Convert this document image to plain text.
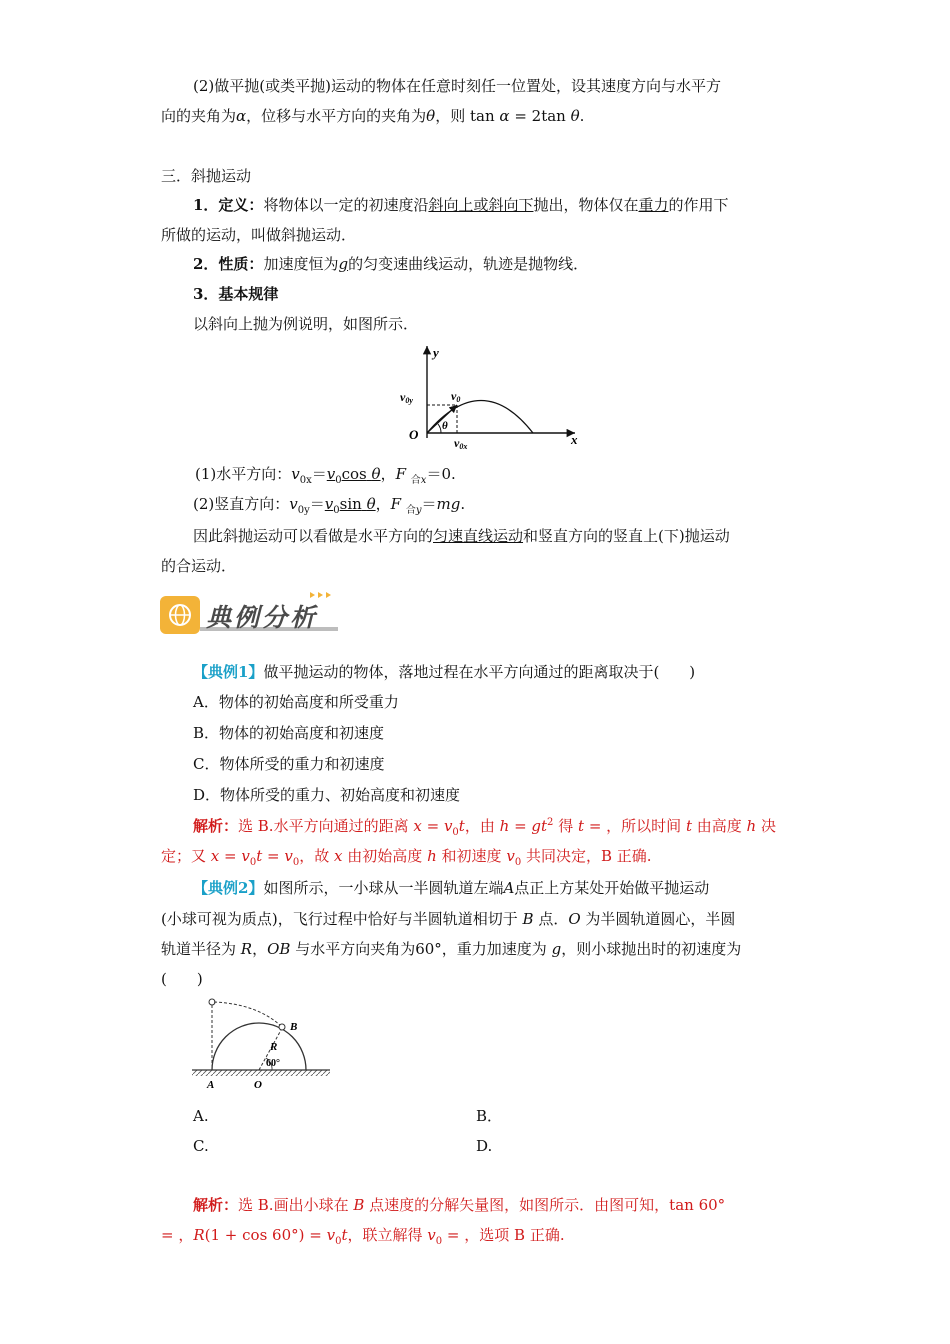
(2)做平抛(或类平抛)运动的物体在任意时刻任一位置处，设其速度方向与水平方
向的夹角为α，位移与水平方向的夹角为θ，则 tan α = 2tan θ.
三．斜抛运动
1．定义：将物体以一定的初速度沿斜向上或斜向下抛出，物体仅在重力的作用下
所做的运动，叫做斜抛运动．
2．性质：加速度恒为g的匀变速曲线运动，轨迹是抛物线．
3．基本规律
以斜向上抛为例说明，如图所示．
y
x
O
v0
v0y
v0x
θ
(1)水平方向：$v_{0x}=v_0\cos$ θ，F $_{合x}$＝0.
(2)竖直方向：$v_{0y}=v_0\sin$ θ，F $_{合y}$＝mg.
因此斜抛运动可以看做是水平方向的匀速直线运动和竖直方向的竖直上(下)抛运动
的合运动．
典例分析
【典例1】做平抛运动的物体，落地过程在水平方向通过的距离取决于(　　)
A．物体的初始高度和所受重力
B．物体的初始高度和初速度
C．物体所受的重力和初速度
D．物体所受的重力、初始高度和初速度
解析：选 B.水平方向通过的距离 $x = v_0t$，由 $h = gt^2$ 得 t = ，所以时间 t 由高度 h 决
定；又 $x = v_0t = v_0$，故 x 由初始高度 h 和初速度 $v_0$ 共同决定，B 正确.
【典例2】如图所示，一小球从一半圆轨道左端A点正上方某处开始做平抛运动
(小球可视为质点)，飞行过程中恰好与半圆轨道相切于 B 点．O 为半圆轨道圆心，半圆
轨道半径为 R，OB 与水平方向夹角为60°，重力加速度为 g，则小球抛出时的初速度为
(　　)
B
R
60°
A	O
A.	B．
C.	D.
解析：选 B.画出小球在 B 点速度的分解矢量图，如图所示．由图可知，tan 60°
= ，$R(1 + \cos 60^\circ) = v_0t$，联立解得 $v_0$ = ，选项 B 正确.
